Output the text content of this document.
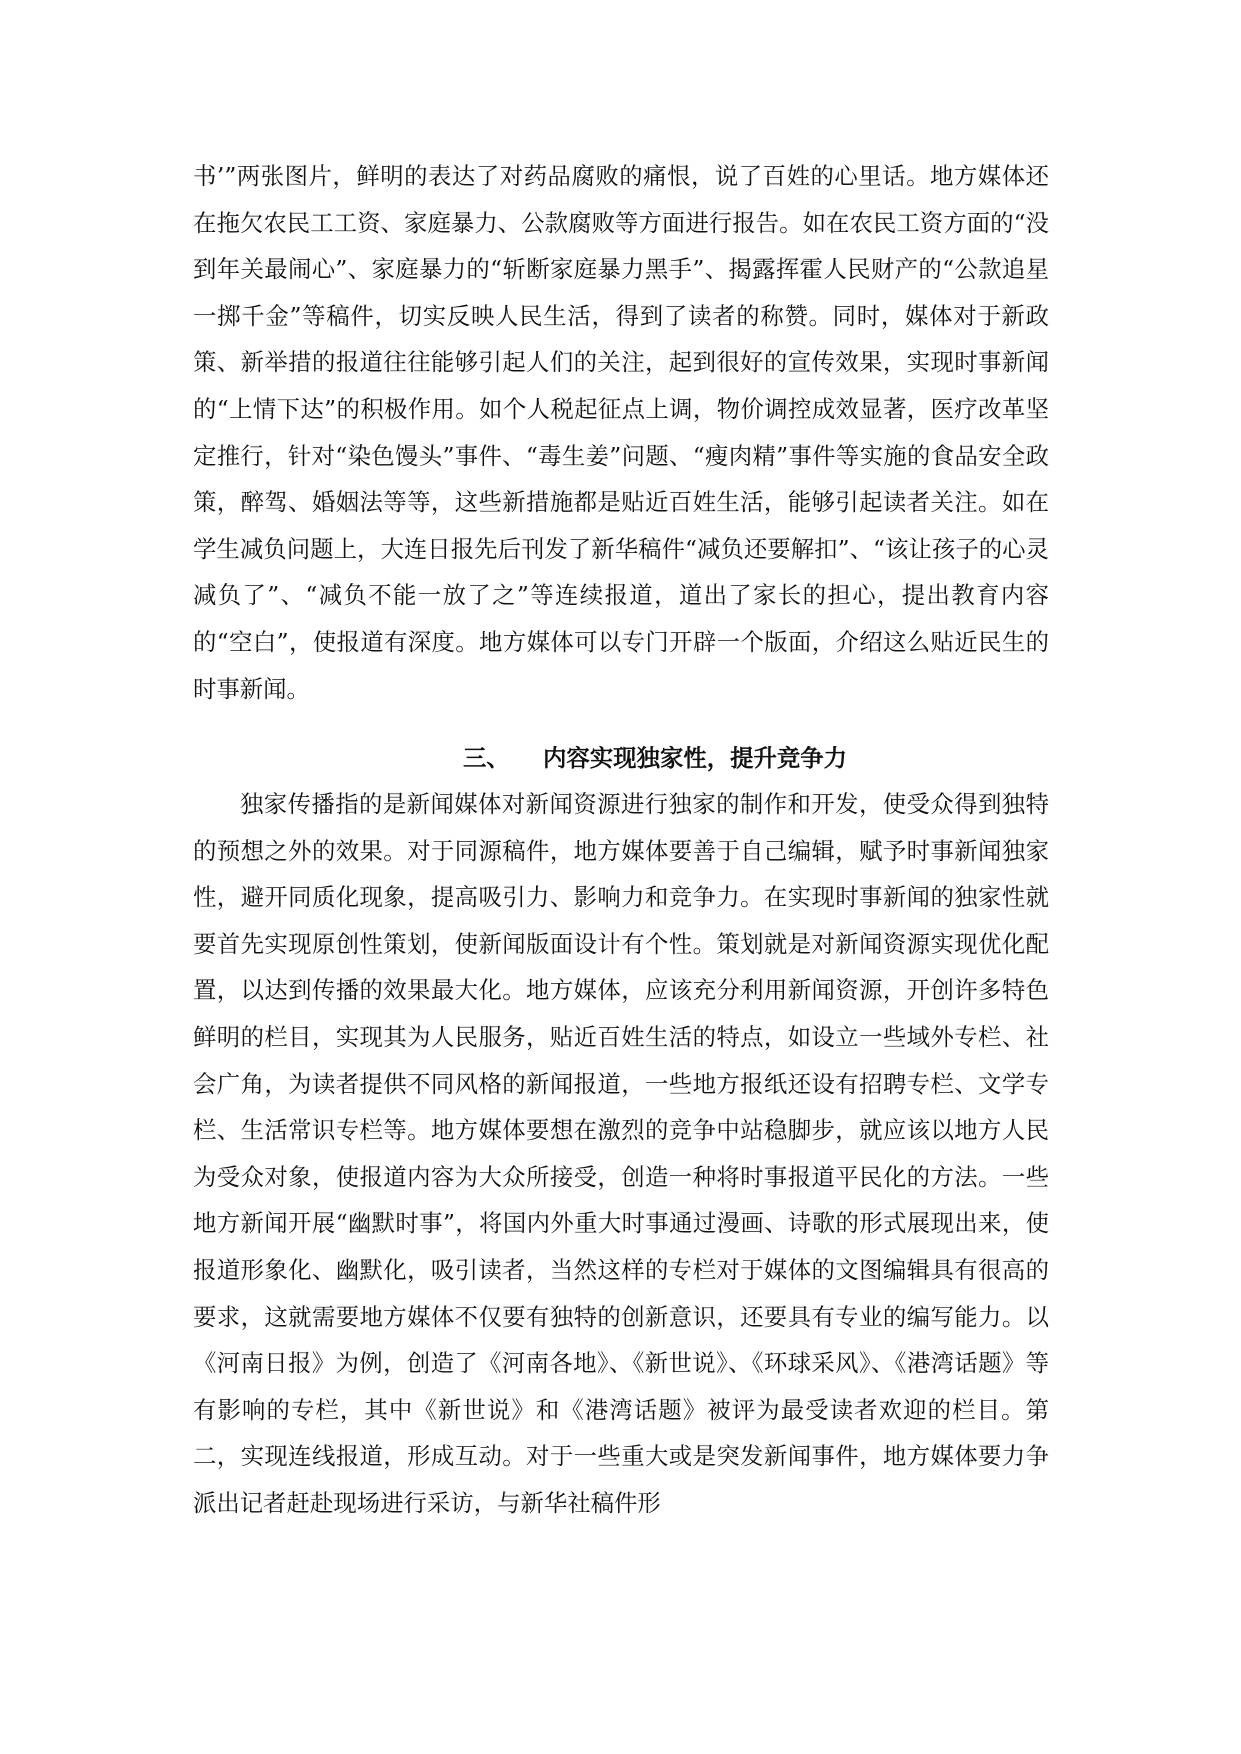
书’”两张图片，鲜明的表达了对药品腐败的痛恨，说了百姓的心里话。地方媒体还在拖欠农民工工资、家庭暴力、公款腐败等方面进行报告。如在农民工资方面的“没到年关最闹心”、家庭暴力的“斩断家庭暴力黑手”、揭露挥霍人民财产的“公款追星一掷千金”等稿件，切实反映人民生活，得到了读者的称赞。同时，媒体对于新政策、新举措的报道往往能够引起人们的关注，起到很好的宣传效果，实现时事新闻的“上情下达”的积极作用。如个人税起征点上调，物价调控成效显著，医疗改革坚定推行，针对“染色馒头”事件、“毒生姜”问题、“瘦肉精”事件等实施的食品安全政策，醉驾、婚姻法等等，这些新措施都是贴近百姓生活，能够引起读者关注。如在学生减负问题上，大连日报先后刊发了新华稿件“减负还要解扣”、“该让孩子的心灵减负了”、“减负不能一放了之”等连续报道，道出了家长的担心，提出教育内容的“空白”，使报道有深度。地方媒体可以专门开辟一个版面，介绍这么贴近民生的时事新闻。
三、 内容实现独家性，提升竞争力
独家传播指的是新闻媒体对新闻资源进行独家的制作和开发，使受众得到独特的预想之外的效果。对于同源稿件，地方媒体要善于自己编辑，赋予时事新闻独家性，避开同质化现象，提高吸引力、影响力和竞争力。在实现时事新闻的独家性就要首先实现原创性策划，使新闻版面设计有个性。策划就是对新闻资源实现优化配置，以达到传播的效果最大化。地方媒体，应该充分利用新闻资源，开创许多特色鲜明的栏目，实现其为人民服务，贴近百姓生活的特点，如设立一些域外专栏、社会广角，为读者提供不同风格的新闻报道，一些地方报纸还设有招聘专栏、文学专栏、生活常识专栏等。地方媒体要想在激烈的竞争中站稳脚步，就应该以地方人民为受众对象，使报道内容为大众所接受，创造一种将时事报道平民化的方法。一些地方新闻开展“幽默时事”，将国内外重大时事通过漫画、诗歌的形式展现出来，使报道形象化、幽默化，吸引读者，当然这样的专栏对于媒体的文图编辑具有很高的要求，这就需要地方媒体不仅要有独特的创新意识，还要具有专业的编写能力。以《河南日报》为例，创造了《河南各地》、《新世说》、《环球采风》、《港湾话题》等有影响的专栏，其中《新世说》和《港湾话题》被评为最受读者欢迎的栏目。第二，实现连线报道，形成互动。对于一些重大或是突发新闻事件，地方媒体要力争派出记者赶赴现场进行采访，与新华社稿件形
